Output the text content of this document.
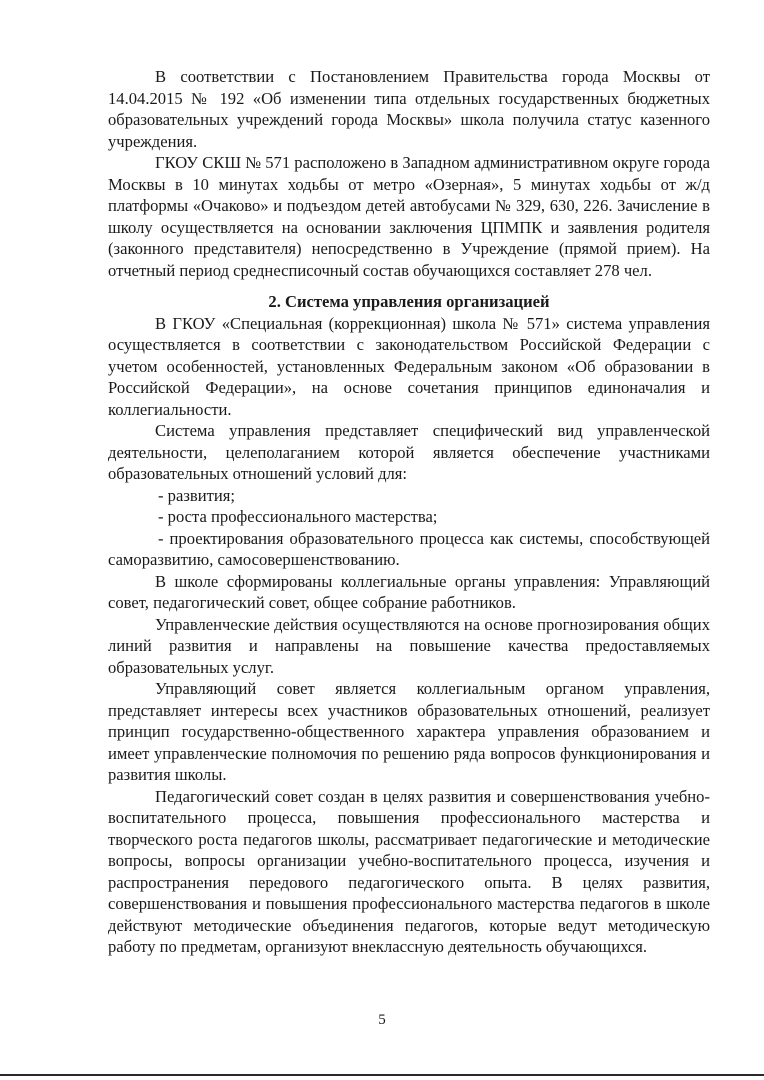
В соответствии с Постановлением Правительства города Москвы от 14.04.2015 № 192 «Об изменении типа отдельных государственных бюджетных образовательных учреждений города Москвы» школа получила статус казенного учреждения.

ГКОУ СКШ № 571 расположено в Западном административном округе города Москвы в 10 минутах ходьбы от метро «Озерная», 5 минутах ходьбы от ж/д платформы «Очаково» и подъездом детей автобусами № 329, 630, 226. Зачисление в школу осуществляется на основании заключения ЦПМПК и заявления родителя (законного представителя) непосредственно в Учреждение (прямой прием). На отчетный период среднесписочный состав обучающихся составляет 278 чел.

2. Система управления организацией

В ГКОУ «Специальная (коррекционная) школа № 571» система управления осуществляется в соответствии с законодательством Российской Федерации с учетом особенностей, установленных Федеральным законом «Об образовании в Российской Федерации», на основе сочетания принципов единоначалия и коллегиальности.

Система управления представляет специфический вид управленческой деятельности, целеполаганием которой является обеспечение участниками образовательных отношений условий для:

- развития;

- роста профессионального мастерства;

- проектирования образовательного процесса как системы, способствующей саморазвитию, самосовершенствованию.

В школе сформированы коллегиальные органы управления: Управляющий совет, педагогический совет, общее собрание работников.

Управленческие действия осуществляются на основе прогнозирования общих линий развития и направлены на повышение качества предоставляемых образовательных услуг.

Управляющий совет является коллегиальным органом управления, представляет интересы всех участников образовательных отношений, реализует принцип государственно-общественного характера управления образованием и имеет управленческие полномочия по решению ряда вопросов функционирования и развития школы.

Педагогический совет создан в целях развития и совершенствования учебно-воспитательного процесса, повышения профессионального мастерства и творческого роста педагогов школы, рассматривает педагогические и методические вопросы, вопросы организации учебно-воспитательного процесса, изучения и распространения передового педагогического опыта. В целях развития, совершенствования и повышения профессионального мастерства педагогов в школе действуют методические объединения педагогов, которые ведут методическую работу по предметам, организуют внеклассную деятельность обучающихся.

5
